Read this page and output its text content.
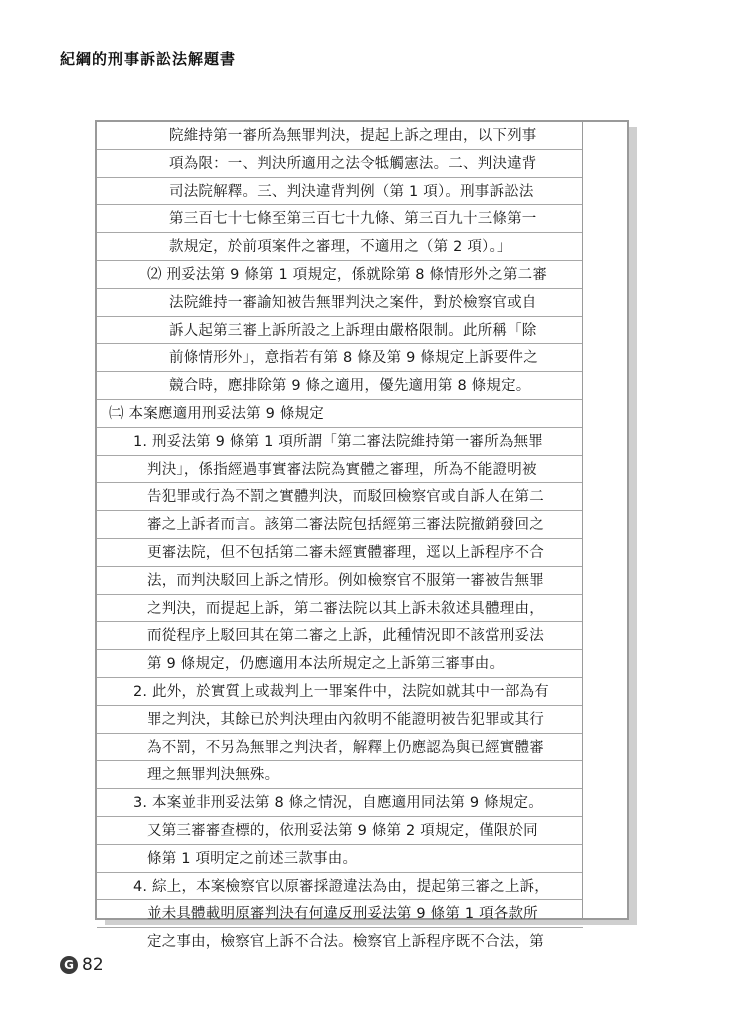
紀綱的刑事訴訟法解題書
院維持第一審所為無罪判決，提起上訴之理由，以下列事
項為限：一、判決所適用之法令牴觸憲法。二、判決違背
司法院解釋。三、判決違背判例（第 1 項）。刑事訴訟法
第三百七十七條至第三百七十九條、第三百九十三條第一
款規定，於前項案件之審理，不適用之（第 2 項）。」
⑵ 刑妥法第 9 條第 1 項規定，係就除第 8 條情形外之第二審
法院維持一審諭知被告無罪判決之案件，對於檢察官或自
訴人起第三審上訴所設之上訴理由嚴格限制。此所稱「除
前條情形外」，意指若有第 8 條及第 9 條規定上訴要件之
競合時，應排除第 9 條之適用，優先適用第 8 條規定。
㈡ 本案應適用刑妥法第 9 條規定
1. 刑妥法第 9 條第 1 項所謂「第二審法院維持第一審所為無罪
判決」，係指經過事實審法院為實體之審理，所為不能證明被
告犯罪或行為不罰之實體判決，而駁回檢察官或自訴人在第二
審之上訴者而言。該第二審法院包括經第三審法院撤銷發回之
更審法院，但不包括第二審未經實體審理，逕以上訴程序不合
法，而判決駁回上訴之情形。例如檢察官不服第一審被告無罪
之判決，而提起上訴，第二審法院以其上訴未敘述具體理由，
而從程序上駁回其在第二審之上訴，此種情況即不該當刑妥法
第 9 條規定，仍應適用本法所規定之上訴第三審事由。
2. 此外，於實質上或裁判上一罪案件中，法院如就其中一部為有
罪之判決，其餘已於判決理由內敘明不能證明被告犯罪或其行
為不罰，不另為無罪之判決者，解釋上仍應認為與已經實體審
理之無罪判決無殊。
3. 本案並非刑妥法第 8 條之情況，自應適用同法第 9 條規定。
又第三審審查標的，依刑妥法第 9 條第 2 項規定，僅限於同
條第 1 項明定之前述三款事由。
4. 綜上，本案檢察官以原審採證違法為由，提起第三審之上訴，
並未具體載明原審判決有何違反刑妥法第 9 條第 1 項各款所
定之事由，檢察官上訴不合法。檢察官上訴程序既不合法，第
G 82
